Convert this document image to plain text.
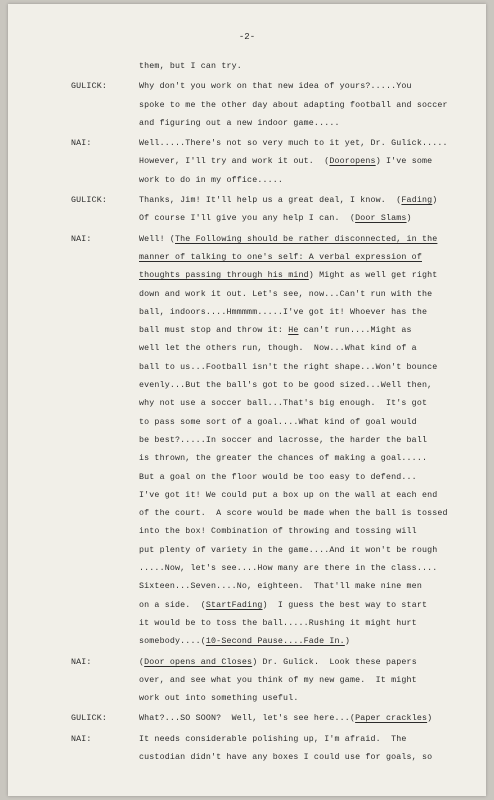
-2-
them, but I can try.
GULICK:	Why don't you work on that new idea of yours?.....You
spoke to me the other day about adapting football and soccer
and figuring out a new indoor game.....
NAI:	Well.....There's not so very much to it yet, Dr. Gulick.....
However, I'll try and work it out.  (Dooropens) I've some
work to do in my office.....
GULICK:	Thanks, Jim! It'll help us a great deal, I know.  (Fading)
Of course I'll give you any help I can.  (Door Slams)
NAI:	Well! (The Following should be rather disconnected, in the
manner of talking to one's self: A verbal expression of
thoughts passing through his mind) Might as well get right
down and work it out. Let's see, now...Can't run with the
ball, indoors....Hmmmmm.....I've got it! Whoever has the
ball must stop and throw it: He can't run....Might as
well let the others run, though.  Now...What kind of a
ball to us...Football isn't the right shape...Won't bounce
evenly...But the ball's got to be good sized...Well then,
why not use a soccer ball...That's big enough.  It's got
to pass some sort of a goal....What kind of goal would
be best?.....In soccer and lacrosse, the harder the ball
is thrown, the greater the chances of making a goal.....
But a goal on the floor would be too easy to defend...
I've got it! We could put a box up on the wall at each end
of the court.  A score would be made when the ball is tossed
into the box! Combination of throwing and tossing will
put plenty of variety in the game....And it won't be rough
.....Now, let's see....How many are there in the class....
Sixteen...Seven....No, eighteen.  That'll make nine men
on a side.  (StartFading)  I guess the best way to start
it would be to toss the ball.....Rushing it might hurt
somebody....(10-Second Pause....Fade In.)
NAI:	(Door opens and Closes) Dr. Gulick.  Look these papers
over, and see what you think of my new game.  It might
work out into something useful.
GULICK:	What?...SO SOON?  Well, let's see here...(Paper crackles)
NAI:	It needs considerable polishing up, I'm afraid.  The
custodian didn't have any boxes I could use for goals, so
